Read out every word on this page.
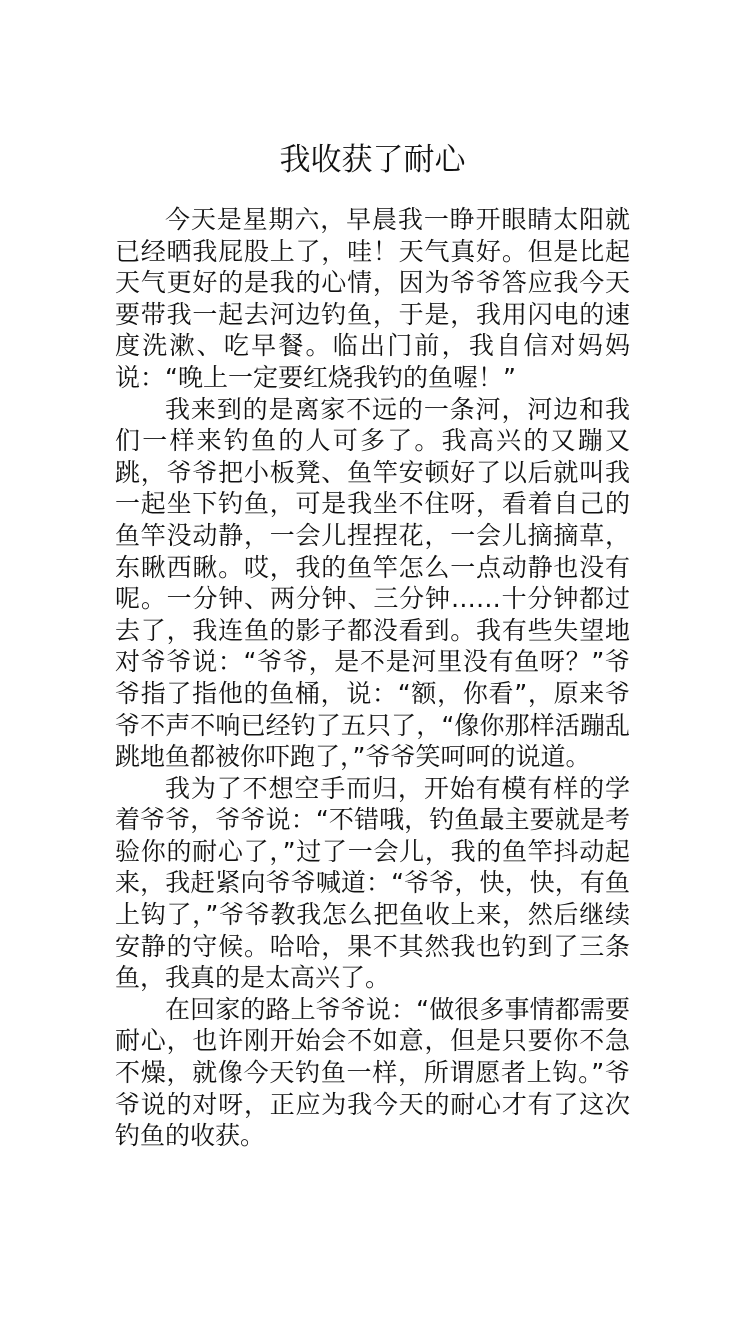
我收获了耐心

今天是星期六，早晨我一睁开眼睛太阳就已经晒我屁股上了，哇！天气真好。但是比起天气更好的是我的心情，因为爷爷答应我今天要带我一起去河边钓鱼，于是，我用闪电的速度洗漱、吃早餐。临出门前，我自信对妈妈说：“晚上一定要红烧我钓的鱼喔！”

我来到的是离家不远的一条河，河边和我们一样来钓鱼的人可多了。我高兴的又蹦又跳，爷爷把小板凳、鱼竿安顿好了以后就叫我一起坐下钓鱼，可是我坐不住呀，看着自己的鱼竿没动静，一会儿捏捏花，一会儿摘摘草，东瞅西瞅。哎，我的鱼竿怎么一点动静也没有呢。一分钟、两分钟、三分钟……十分钟都过去了，我连鱼的影子都没看到。我有些失望地对爷爷说：“爷爷，是不是河里没有鱼呀？”爷爷指了指他的鱼桶，说：“额，你看”，原来爷爷不声不响已经钓了五只了，“像你那样活蹦乱跳地鱼都被你吓跑了，”爷爷笑呵呵的说道。

我为了不想空手而归，开始有模有样的学着爷爷，爷爷说：“不错哦，钓鱼最主要就是考验你的耐心了，”过了一会儿，我的鱼竿抖动起来，我赶紧向爷爷喊道：“爷爷，快，快，有鱼上钩了，”爷爷教我怎么把鱼收上来，然后继续安静的守候。哈哈，果不其然我也钓到了三条鱼，我真的是太高兴了。

在回家的路上爷爷说：“做很多事情都需要耐心，也许刚开始会不如意，但是只要你不急不燥，就像今天钓鱼一样，所谓愿者上钩。”爷爷说的对呀，正应为我今天的耐心才有了这次钓鱼的收获。
